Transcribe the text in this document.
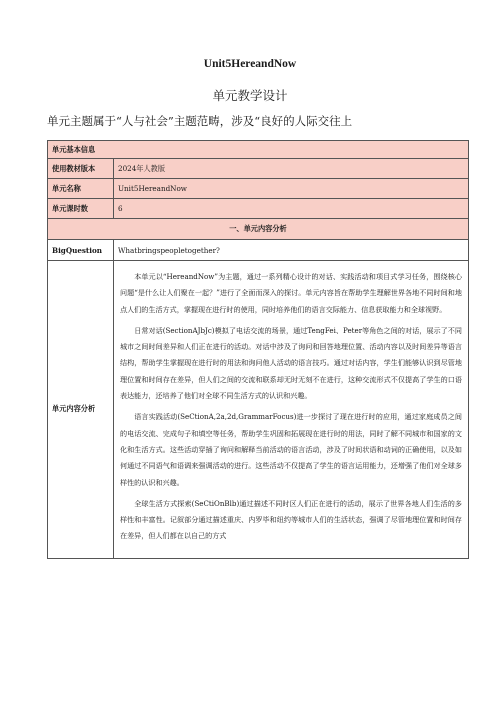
Unit5HereandNow
单元教学设计
单元主题属于“人与社会”主题范畴，涉及“良好的人际交往上
单元基本信息	
使用教材版本	2024年人教版
单元名称	Unit5HereandNow
单元课时数	6
一、单元内容分析	
BigQuestion	Whatbringspeopletogether?
单元内容分析	本单元以“HereandNow”为主题，通过一系列精心设计的对话、实践活动和项目式学习任务，围绕核心问题“是什么让人们聚在一起？”进行了全面而深入的探讨。单元内容旨在帮助学生理解世界各地不同时间和地点人们的生活方式，掌握现在进行时的使用，同时培养他们的语言交际能力、信息获取能力和全球视野。

日常对话(SectionAJbJc)模拟了电话交流的场景，通过TengFei、Peter等角色之间的对话，展示了不同城市之间时间差异和人们正在进行的活动。对话中涉及了询问和回答地理位置、活动内容以及时间差异等语言结构，帮助学生掌握现在进行时的用法和询问他人活动的语言技巧。通过对话内容，学生们能够认识到尽管地理位置和时间存在差异，但人们之间的交流和联系却无时无刻不在进行，这种交流形式不仅提高了学生的口语表达能力，还培养了他们对全球不同生活方式的认识和兴趣。

语言实践活动(SeCtionA,2a,2d,GrammarFocus)进一步探讨了现在进行时的应用，通过家庭成员之间的电话交流、完成句子和填空等任务，帮助学生巩固和拓展现在进行时的用法，同时了解不同城市和国家的文化和生活方式。这些活动穿插了询问和解释当前活动的语言活动，涉及了时间状语和动词的正确使用，以及如何通过不同语气和语调来强调活动的进行。这些活动不仅提高了学生的语言运用能力，还增强了他们对全球多样性的认识和兴趣。

全球生活方式探索(SeCtiOnBlb)通过描述不同时区人们正在进行的活动，展示了世界各地人们生活的多样性和丰富性。记叙部分通过描述重庆、内罗毕和纽约等城市人们的生活状态，强调了尽管地理位置和时间存在差异，但人们都在以自己的方式
